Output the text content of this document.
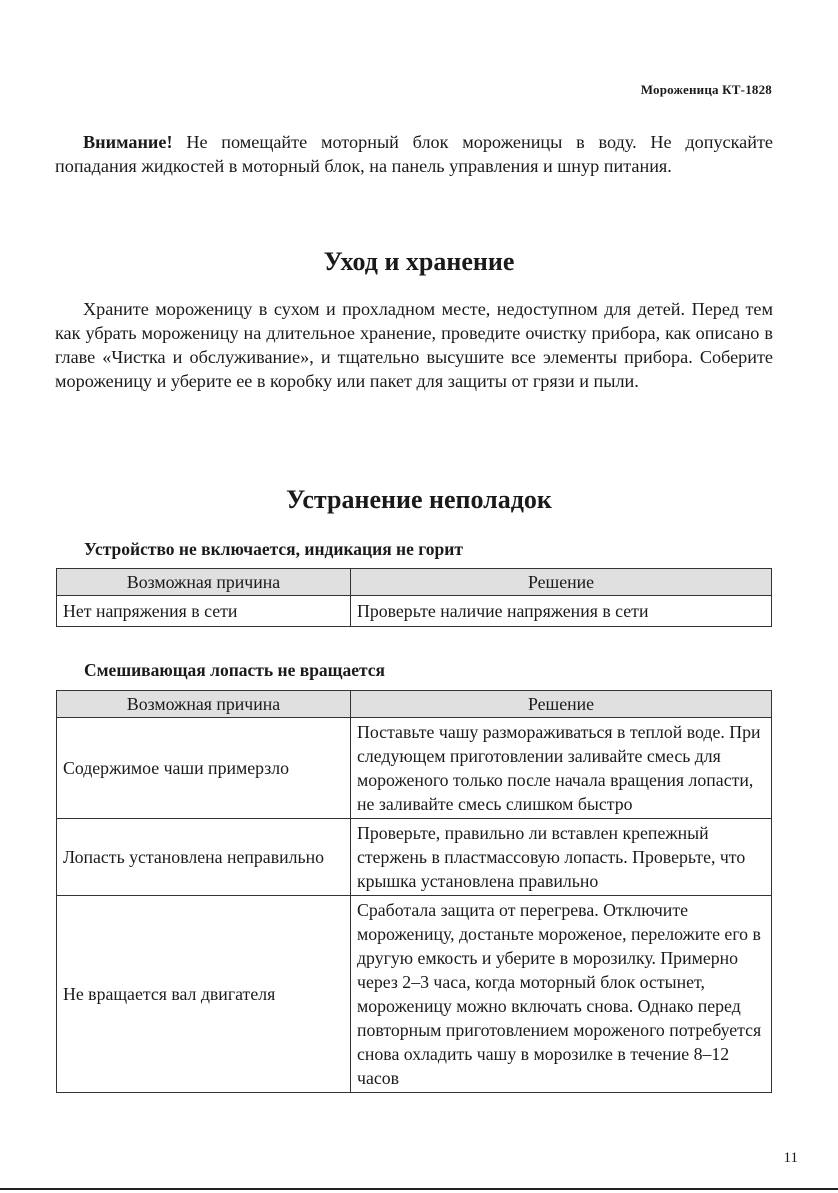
Мороженица КТ-1828

Внимание! Не помещайте моторный блок мороженицы в воду. Не допускайте попадания жидкостей в моторный блок, на панель управления и шнур питания.

Уход и хранение

Храните мороженицу в сухом и прохладном месте, недоступном для детей. Перед тем как убрать мороженицу на длительное хранение, проведите очистку прибора, как описано в главе «Чистка и обслуживание», и тщательно высушите все элементы прибора. Соберите мороженицу и уберите ее в коробку или пакет для защиты от грязи и пыли.

Устранение неполадок
Устройство не включается, индикация не горит
Возможная причина	Решение
Нет напряжения в сети	Проверьте наличие напряжения в сети
Смешивающая лопасть не вращается
Возможная причина	Решение
Содержимое чаши примерзло	Поставьте чашу размораживаться в теплой воде. При следующем приготовлении заливайте смесь для мороженого только после начала вращения лопасти, не заливайте смесь слишком быстро
Лопасть установлена неправильно	Проверьте, правильно ли вставлен крепежный стержень в пластмассовую лопасть. Проверьте, что крышка установлена правильно
Не вращается вал двигателя	Сработала защита от перегрева. Отключите мороженицу, достаньте мороженое, переложите его в другую емкость и уберите в морозилку. Примерно через 2–3 часа, когда моторный блок остынет, мороженицу можно включать снова. Однако перед повторным приготовлением мороженого потребуется снова охладить чашу в морозилке в течение 8–12 часов
11
